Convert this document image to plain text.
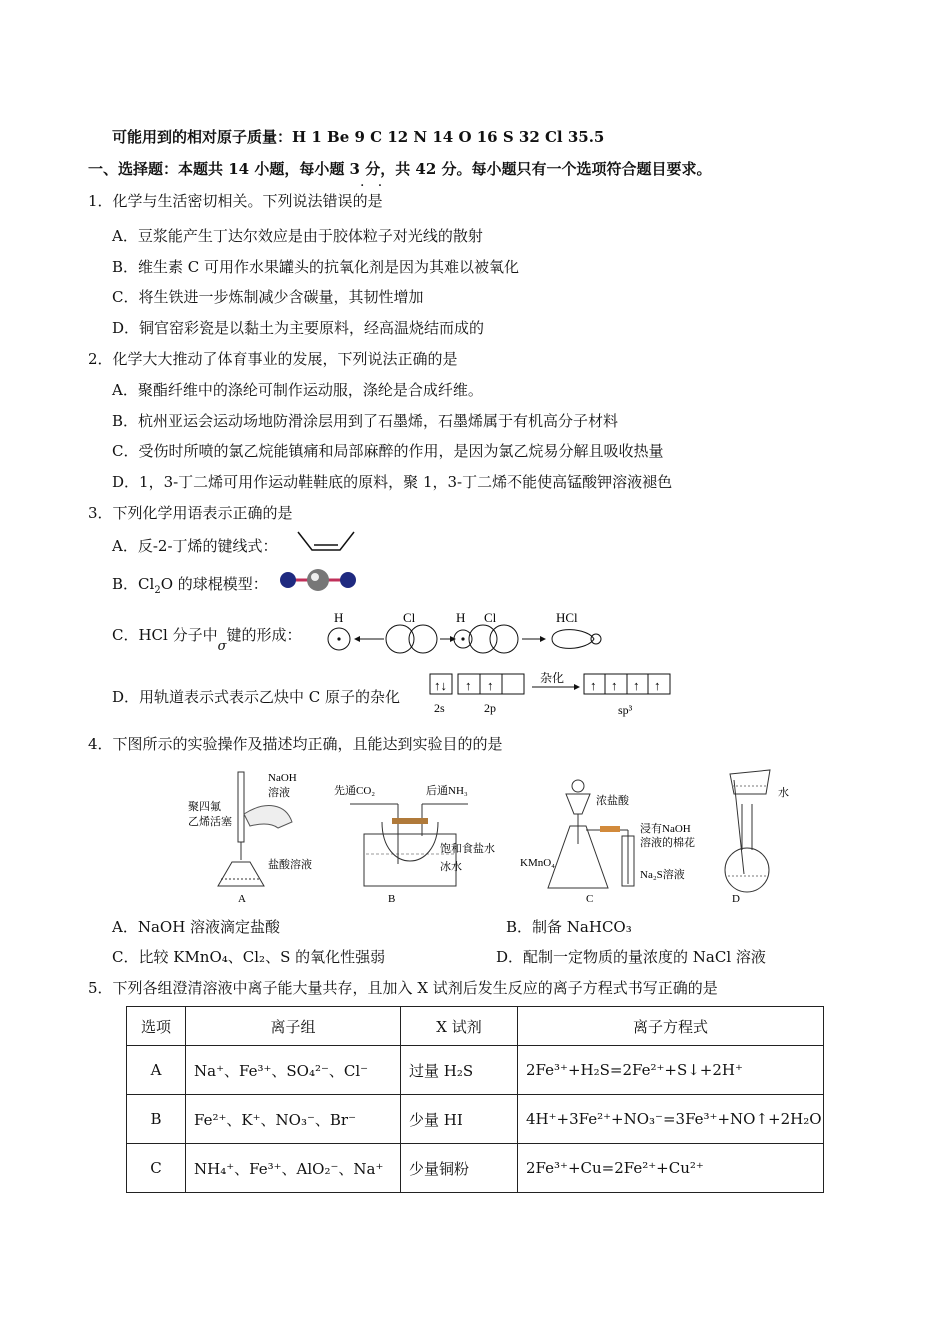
可能用到的相对原子质量：H 1 Be 9 C 12 N 14 O 16 S 32 Cl 35.5
一、选择题：本题共 14 小题，每小题 3 分，共 42 分。每小题只有一个选项符合题目要求。
1．化学与生活密切相关。下列说法错误的是
·   ·
A．豆浆能产生丁达尔效应是由于胶体粒子对光线的散射
B．维生素 C 可用作水果罐头的抗氧化剂是因为其难以被氧化
C．将生铁进一步炼制减少含碳量，其韧性增加
D．铜官窑彩瓷是以黏土为主要原料，经高温烧结而成的
2．化学大大推动了体育事业的发展，下列说法正确的是
A．聚酯纤维中的涤纶可制作运动服，涤纶是合成纤维。
B．杭州亚运会运动场地防滑涂层用到了石墨烯，石墨烯属于有机高分子材料
C．受伤时所喷的氯乙烷能镇痛和局部麻醉的作用，是因为氯乙烷易分解且吸收热量
D．1，3-丁二烯可用作运动鞋鞋底的原料，聚 1，3-丁二烯不能使高锰酸钾溶液褪色
3．下列化学用语表示正确的是
A．反-2-丁烯的键线式：
B．$Cl_2O$ 的球棍模型：
C．HCl 分子中σ键的形成：
H	Cl	H Cl	HCl
D．用轨道表示式表示乙炔中 C 原子的杂化
↑↓ ↑ ↑
2s	2p
杂化 ↑ ↑ ↑ ↑
sp³
4．下图所示的实验操作及描述均正确，且能达到实验目的的是
NaOH
溶液
聚四氟
乙烯活塞
盐酸溶液
A
先通CO₂	后通NH₃
饱和食盐水
冰水
B
浓盐酸
浸有NaOH
溶液的棉花
KMnO₄
Na₂S溶液
C
水
D
A．NaOH 溶液滴定盐酸	B．制备 NaHCO₃
C．比较 KMnO₄、Cl₂、S 的氧化性强弱	D．配制一定物质的量浓度的 NaCl 溶液
5．下列各组澄清溶液中离子能大量共存，且加入 X 试剂后发生反应的离子方程式书写正确的是
选项	离子组	X 试剂	离子方程式
A	Na⁺、Fe³⁺、SO₄²⁻、Cl⁻	过量 H₂S	2Fe³⁺+H₂S=2Fe²⁺+S↓+2H⁺
B	Fe²⁺、K⁺、NO₃⁻、Br⁻	少量 HI	4H⁺+3Fe²⁺+NO₃⁻=3Fe³⁺+NO↑+2H₂O
C	NH₄⁺、Fe³⁺、AlO₂⁻、Na⁺	少量铜粉	2Fe³⁺+Cu=2Fe²⁺+Cu²⁺
